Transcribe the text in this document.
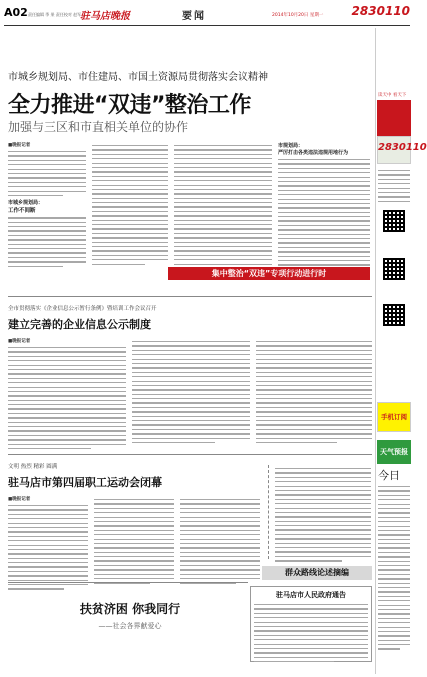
A02 责任编辑 季 果 责任校对 赵军
驻马店晚报	要闻	2014年10月20日 星期一 2830110
市城乡规划局、市住建局、市国土资源局贯彻落实会议精神
全力推进“双违”整治工作
加强与三区和市直相关单位的协作
■晚报记者
市城乡规划局：
工作不间断
市规划局：
严厉打击各类违法违规用地行为
集中整治“双违”专项行动进行时
全市贯彻落实《企业信息公示暂行条例》暨培训工作会议召开
建立完善的企业信息公示制度
■晚报记者
文明 热烈 精彩 圆满
驻马店市第四届职工运动会闭幕
■晚报记者
群众路线论述摘编
扶贫济困 你我同行
——社会各界献爱心
驻马店市人民政府通告
读天中 看天下
2830110
手机订阅
天气预报
今日
